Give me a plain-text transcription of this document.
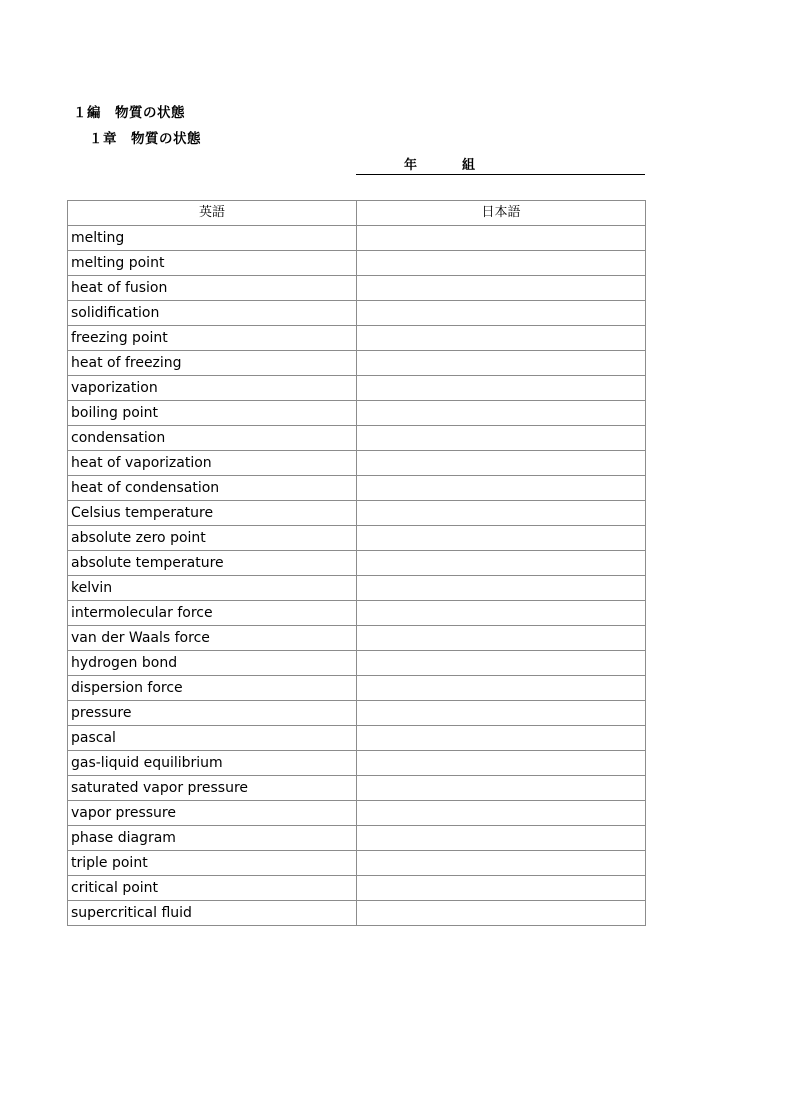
１編　物質の状態
１章　物質の状態
年	組
英語	日本語
melting	
melting point	
heat of fusion	
solidification	
freezing point	
heat of freezing	
vaporization	
boiling point	
condensation	
heat of vaporization	
heat of condensation	
Celsius temperature	
absolute zero point	
absolute temperature	
kelvin	
intermolecular force	
van der Waals force	
hydrogen bond	
dispersion force	
pressure	
pascal	
gas-liquid equilibrium	
saturated vapor pressure	
vapor pressure	
phase diagram	
triple point	
critical point	
supercritical fluid	
